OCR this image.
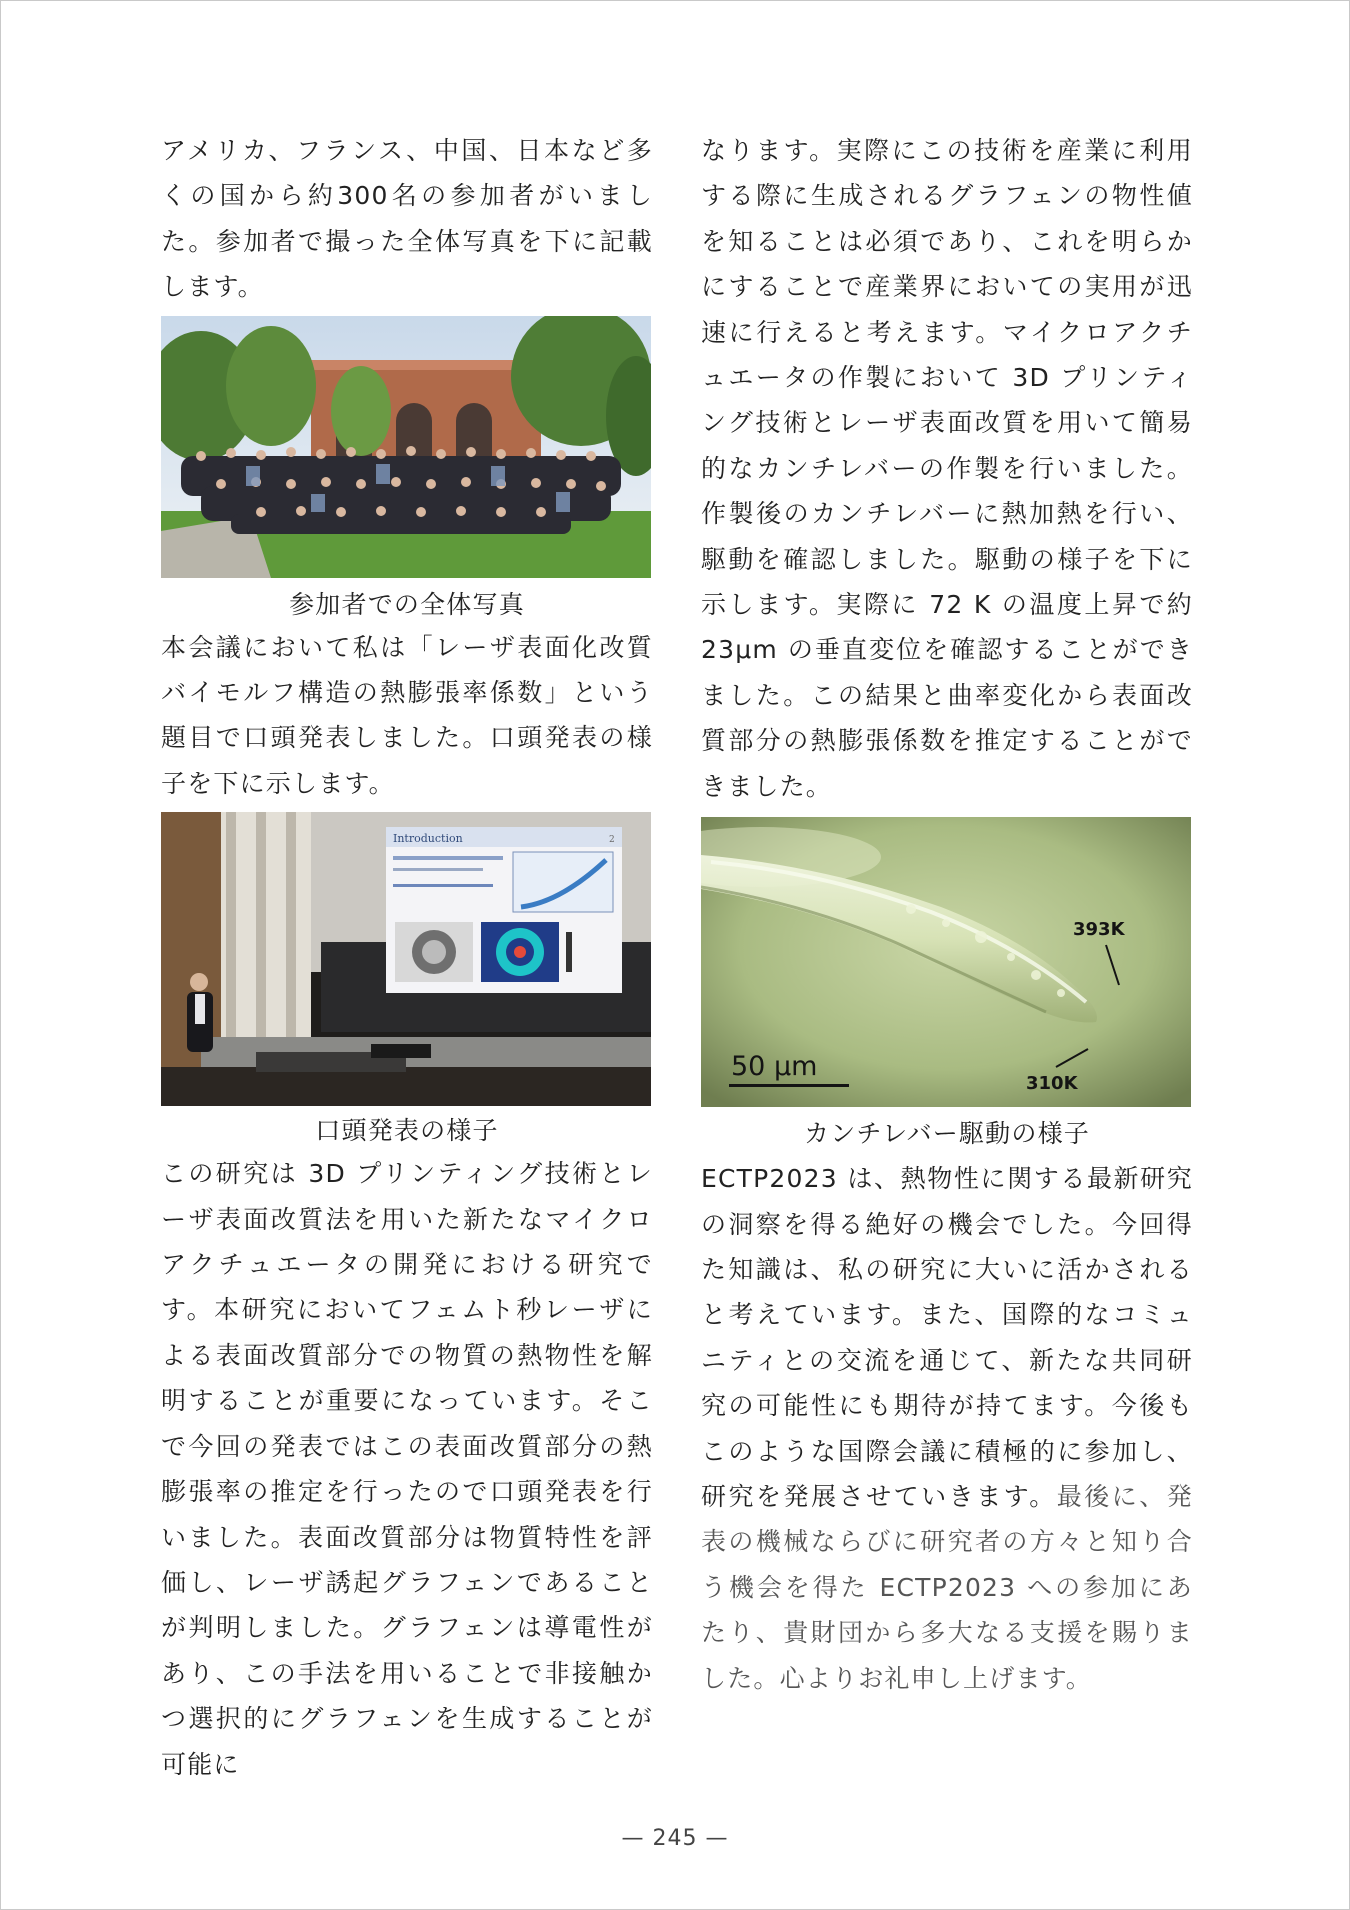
アメリカ、フランス、中国、日本など多くの国から約300名の参加者がいました。参加者で撮った全体写真を下に記載します。

参加者での全体写真

本会議において私は「レーザ表面化改質バイモルフ構造の熱膨張率係数」という題目で口頭発表しました。口頭発表の様子を下に示します。

Introduction	2

口頭発表の様子

この研究は 3D プリンティング技術とレーザ表面改質法を用いた新たなマイクロアクチュエータの開発における研究です。本研究においてフェムト秒レーザによる表面改質部分での物質の熱物性を解明することが重要になっています。そこで今回の発表ではこの表面改質部分の熱膨張率の推定を行ったので口頭発表を行いました。表面改質部分は物質特性を評価し、レーザ誘起グラフェンであることが判明しました。グラフェンは導電性があり、この手法を用いることで非接触かつ選択的にグラフェンを生成することが可能に

なります。実際にこの技術を産業に利用する際に生成されるグラフェンの物性値を知ることは必須であり、これを明らかにすることで産業界においての実用が迅速に行えると考えます。マイクロアクチュエータの作製において 3D プリンティング技術とレーザ表面改質を用いて簡易的なカンチレバーの作製を行いました。作製後のカンチレバーに熱加熱を行い、駆動を確認しました。駆動の様子を下に示します。実際に 72 K の温度上昇で約 23μm の垂直変位を確認することができました。この結果と曲率変化から表面改質部分の熱膨張係数を推定することができました。

393K
310K
50 μm

カンチレバー駆動の様子

ECTP2023 は、熱物性に関する最新研究の洞察を得る絶好の機会でした。今回得た知識は、私の研究に大いに活かされると考えています。また、国際的なコミュニティとの交流を通じて、新たな共同研究の可能性にも期待が持てます。今後もこのような国際会議に積極的に参加し、研究を発展させていきます。最後に、発表の機械ならびに研究者の方々と知り合う機会を得た ECTP2023 への参加にあたり、貴財団から多大なる支援を賜りました。心よりお礼申し上げます。

— 245 —
